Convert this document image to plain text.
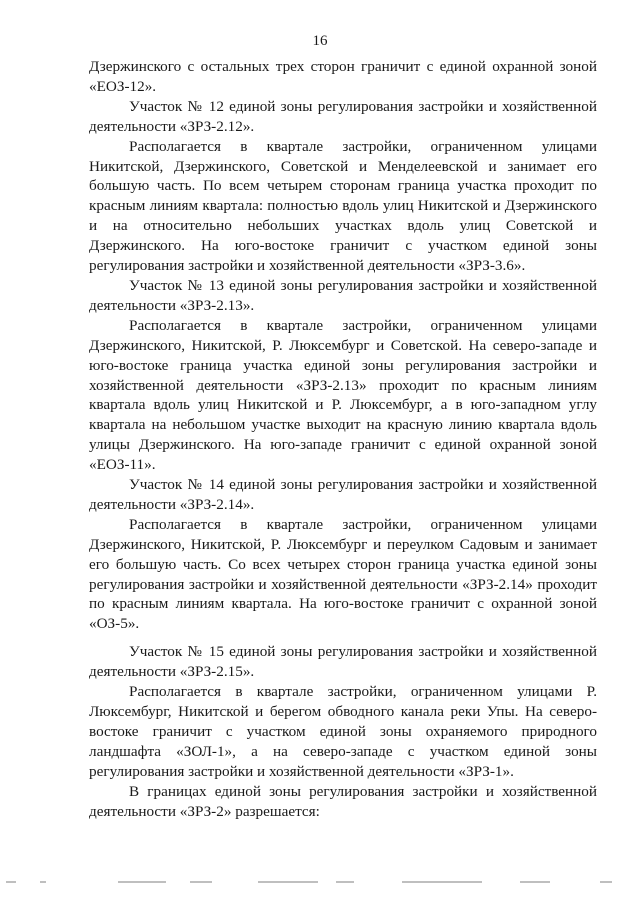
16

Дзержинского с остальных трех сторон граничит с единой охранной зоной «ЕОЗ-12».

Участок № 12 единой зоны регулирования застройки и хозяйственной деятельности «ЗРЗ-2.12».

Располагается в квартале застройки, ограниченном улицами Никитской, Дзержинского, Советской и Менделеевской и занимает его большую часть. По всем четырем сторонам граница участка проходит по красным линиям квартала: полностью вдоль улиц Никитской и Дзержинского и на относительно небольших участках вдоль улиц Советской и Дзержинского. На юго-востоке граничит с участком единой зоны регулирования застройки и хозяйственной деятельности «ЗРЗ-3.6».

Участок № 13 единой зоны регулирования застройки и хозяйственной деятельности «ЗРЗ-2.13».

Располагается в квартале застройки, ограниченном улицами Дзержинского, Никитской, Р. Люксембург и Советской. На северо-западе и юго-востоке граница участка единой зоны регулирования застройки и хозяйственной деятельности «ЗРЗ-2.13» проходит по красным линиям квартала вдоль улиц Никитской и Р. Люксембург, а в юго-западном углу квартала на небольшом участке выходит на красную линию квартала вдоль улицы Дзержинского. На юго-западе граничит с единой охранной зоной «ЕОЗ-11».

Участок № 14 единой зоны регулирования застройки и хозяйственной деятельности «ЗРЗ-2.14».

Располагается в квартале застройки, ограниченном улицами Дзержинского, Никитской, Р. Люксембург и переулком Садовым и занимает его большую часть. Со всех четырех сторон граница участка единой зоны регулирования застройки и хозяйственной деятельности «ЗРЗ-2.14» проходит по красным линиям квартала. На юго-востоке граничит с охранной зоной «ОЗ-5».

Участок № 15 единой зоны регулирования застройки и хозяйственной деятельности «ЗРЗ-2.15».

Располагается в квартале застройки, ограниченном улицами Р. Люксембург, Никитской и берегом обводного канала реки Упы. На северо-востоке граничит с участком единой зоны охраняемого природного ландшафта «ЗОЛ-1», а на северо-западе с участком единой зоны регулирования застройки и хозяйственной деятельности «ЗРЗ-1».

В границах единой зоны регулирования застройки и хозяйственной деятельности «ЗРЗ-2» разрешается:
